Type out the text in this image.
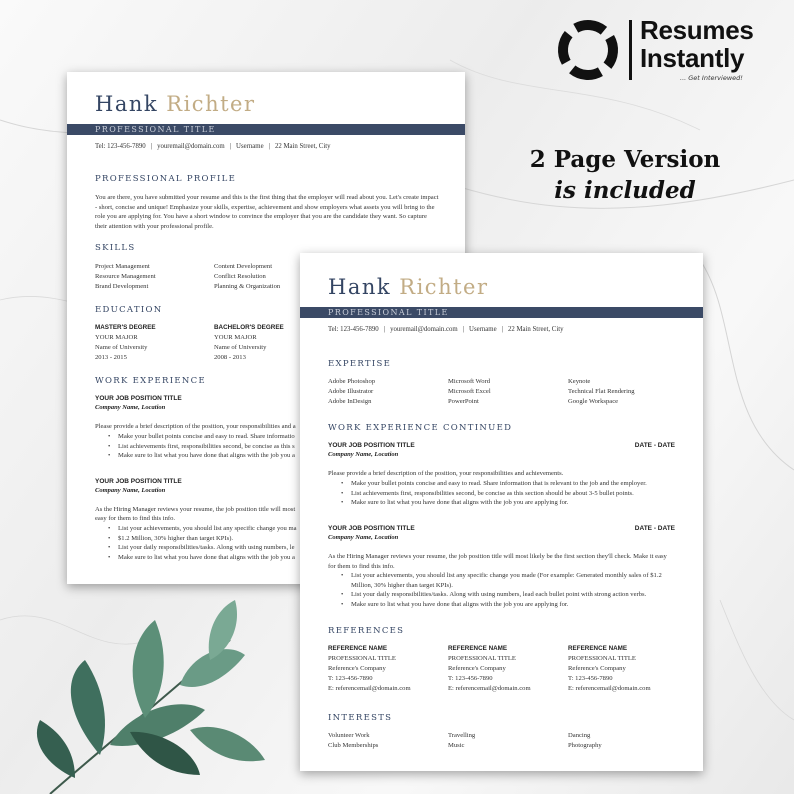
Resumes
Instantly
... Get Interviewed!
2 Page Version
is included
Hank Richter
PROFESSIONAL TITLE
Tel: 123-456-7890 | youremail@domain.com | Username | 22 Main Street, City
PROFESSIONAL PROFILE
You are there, you have submitted your resume and this is the first thing that the employer will read about you. Let's create impact - short, concise and unique! Emphasize your skills, expertise, achievement and show employers what assets you will bring to the role you are applying for. You have a short window to convince the employer that you are the candidate they want. So capture their attention with your professional profile.
SKILLS
Project Management
Resource Management
Brand Development
Content Development
Conflict Resolution
Planning & Organization
EDUCATION
MASTER'S DEGREE
YOUR MAJOR
Name of University
2013 - 2015
BACHELOR'S DEGREE
YOUR MAJOR
Name of University
2008 - 2013
WORK EXPERIENCE
YOUR JOB POSITION TITLE
Company Name, Location
Please provide a brief description of the position, your responsibilities and a
• Make your bullet points concise and easy to read. Share informatio
• List achievements first, responsibilities second, be concise as this s
• Make sure to list what you have done that aligns with the job you a
YOUR JOB POSITION TITLE
Company Name, Location
As the Hiring Manager reviews your resume, the job position title will most
easy for them to find this info.
• List your achievements, you should list any specific change you ma
• $1.2 Million, 30% higher than target KPIs).
• List your daily responsibilities/tasks. Along with using numbers, le
• Make sure to list what you have done that aligns with the job you a
Hank Richter
PROFESSIONAL TITLE
Tel: 123-456-7890 | youremail@domain.com | Username | 22 Main Street, City
EXPERTISE
Adobe Photoshop
Adobe Illustrator
Adobe InDesign
Microsoft Word
Microsoft Excel
PowerPoint
Keynote
Technical Flat Rendering
Google Workspace
WORK EXPERIENCE CONTINUED
YOUR JOB POSITION TITLE	DATE - DATE
Company Name, Location
Please provide a brief description of the position, your responsibilities and achievements.
• Make your bullet points concise and easy to read. Share information that is relevant to the job and the employer.
• List achievements first, responsibilities second, be concise as this section should be about 3-5 bullet points.
• Make sure to list what you have done that aligns with the job you are applying for.
YOUR JOB POSITION TITLE	DATE - DATE
Company Name, Location
As the Hiring Manager reviews your resume, the job position title will most likely be the first section they'll check. Make it easy for them to find this info.
• List your achievements, you should list any specific change you made (For example: Generated monthly sales of $1.2 Million, 30% higher than target KPIs).
• List your daily responsibilities/tasks. Along with using numbers, lead each bullet point with strong action verbs.
• Make sure to list what you have done that aligns with the job you are applying for.
REFERENCES
REFERENCE NAME
PROFESSIONAL TITLE
Reference's Company
T: 123-456-7890
E: referencemail@domain.com
REFERENCE NAME
PROFESSIONAL TITLE
Reference's Company
T: 123-456-7890
E: referencemail@domain.com
REFERENCE NAME
PROFESSIONAL TITLE
Reference's Company
T: 123-456-7890
E: referencemail@domain.com
INTERESTS
Volunteer Work
Club Memberships
Travelling
Music
Dancing
Photography
